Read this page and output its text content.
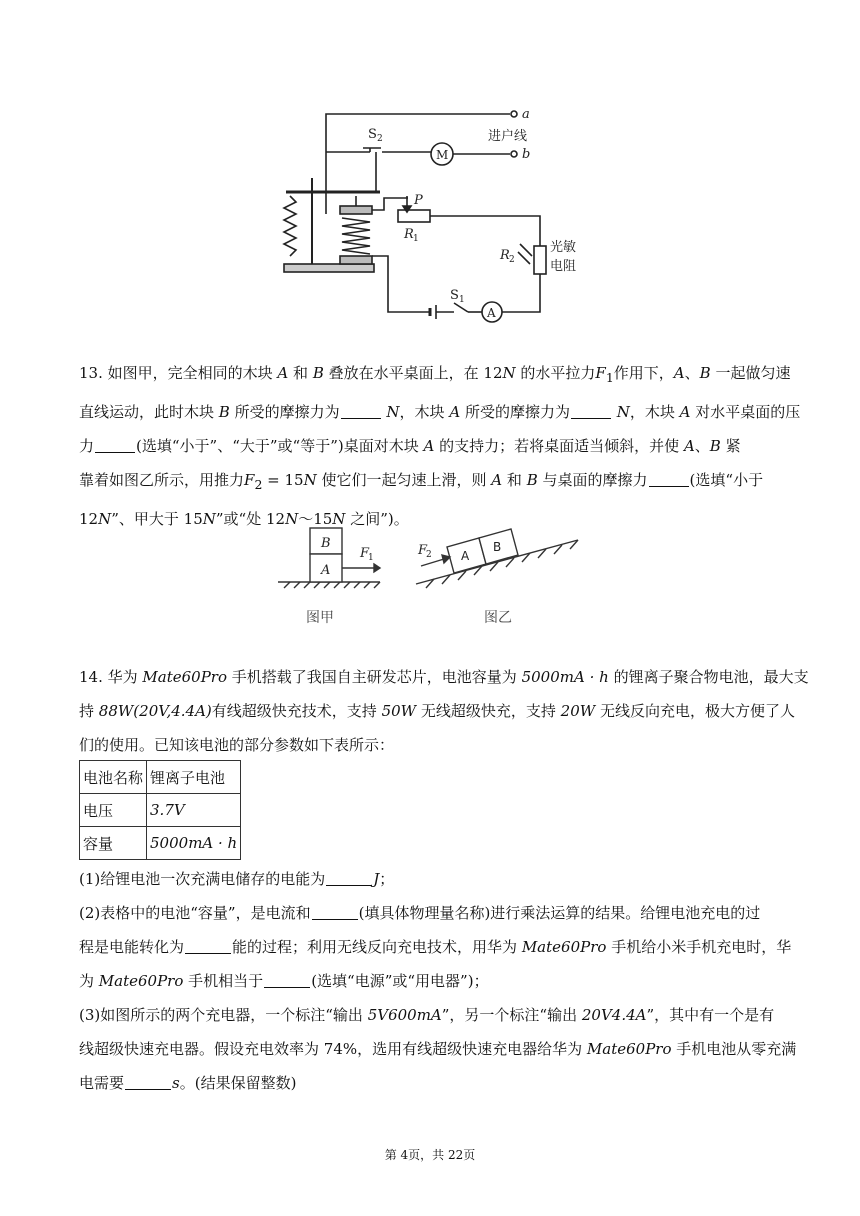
a
b
进户线
S 2
M
P
R 1
R 2
光敏
电阻
S 1
A
13. 如图甲，完全相同的木块 A 和 B 叠放在水平桌面上，在 12N 的水平拉力$F_1$作用下，A、B 一起做匀速
直线运动，此时木块 B 所受的摩擦力为	N，木块 A 所受的摩擦力为	N，木块 A 对水平桌面的压
力	(选填“小于”、“大于”或“等于”)桌面对木块 A 的支持力；若将桌面适当倾斜，并使 A、B 紧
靠着如图乙所示，用推力$F_2 = 15N$ 使它们一起匀速上滑，则 A 和 B 与桌面的摩擦力	(选填“小于
12N”、甲大于 15N”或“处 12N～15N 之间”)。
B
A
F
1
图甲
A
B
F
2
图乙
14. 华为 Mate60Pro 手机搭载了我国自主研发芯片，电池容量为 5000mA · h 的锂离子聚合物电池，最大支
持 88W(20V,4.4A)有线超级快充技术，支持 50W 无线超级快充，支持 20W 无线反向充电，极大方便了人
们的使用。已知该电池的部分参数如下表所示：
电池名称	锂离子电池
电压	3.7V
容量	5000mA · h
(1)给锂电池一次充满电储存的电能为	J；
(2)表格中的电池“容量”，是电流和	(填具体物理量名称)进行乘法运算的结果。给锂电池充电的过
程是电能转化为	能的过程；利用无线反向充电技术，用华为 Mate60Pro 手机给小米手机充电时，华
为 Mate60Pro 手机相当于	(选填“电源”或“用电器”)；
(3)如图所示的两个充电器，一个标注“输出 5V600mA”，另一个标注“输出 20V4.4A”，其中有一个是有
线超级快速充电器。假设充电效率为 74%，选用有线超级快速充电器给华为 Mate60Pro 手机电池从零充满
电需要	s。(结果保留整数)
第 4页，共 22页
